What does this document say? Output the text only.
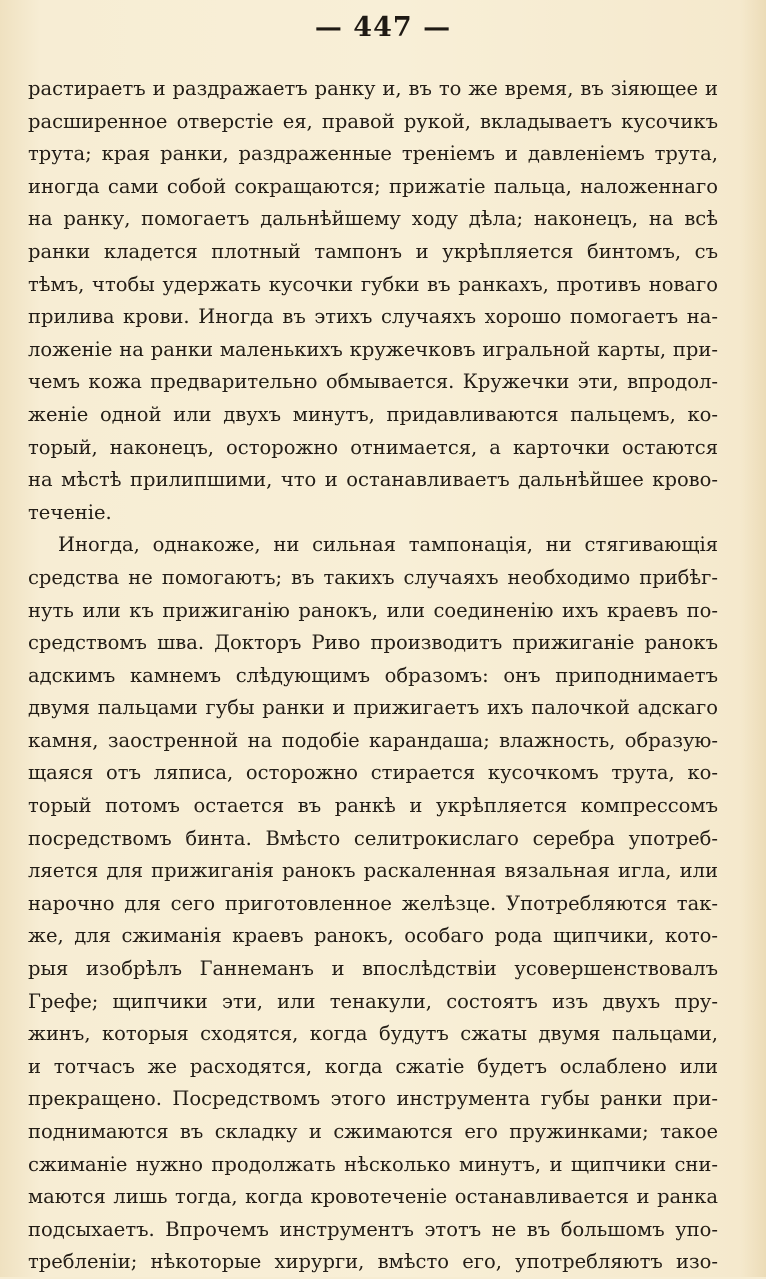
— 447 —
растираетъ и раздражаетъ ранку и, въ то же время, въ зіяющее и
расширенное отверстіе ея, правой рукой, вкладываетъ кусочикъ
трута; края ранки, раздраженные треніемъ и давленіемъ трута,
иногда сами собой сокращаются; прижатіе пальца, наложеннаго
на ранку, помогаетъ дальнѣйшему ходу дѣла; наконецъ, на всѣ
ранки кладется плотный тампонъ и укрѣпляется бинтомъ, съ
тѣмъ, чтобы удержать кусочки губки въ ранкахъ, противъ новаго
прилива крови. Иногда въ этихъ случаяхъ хорошо помогаетъ на-
ложеніе на ранки маленькихъ кружечковъ игральной карты, при-
чемъ кожа предварительно обмывается. Кружечки эти, впродол-
женіе одной или двухъ минутъ, придавливаются пальцемъ, ко-
торый, наконецъ, осторожно отнимается, а карточки остаются
на мѣстѣ прилипшими, что и останавливаетъ дальнѣйшее крово-
теченіе.
Иногда, однакоже, ни сильная тампонація, ни стягивающія
средства не помогаютъ; въ такихъ случаяхъ необходимо прибѣг-
нуть или къ прижиганію ранокъ, или соединенію ихъ краевъ по-
средствомъ шва. Докторъ Риво производитъ прижиганіе ранокъ
адскимъ камнемъ слѣдующимъ образомъ: онъ приподнимаетъ
двумя пальцами губы ранки и прижигаетъ ихъ палочкой адскаго
камня, заостренной на подобіе карандаша; влажность, образую-
щаяся отъ ляписа, осторожно стирается кусочкомъ трута, ко-
торый потомъ остается въ ранкѣ и укрѣпляется компрессомъ
посредствомъ бинта. Вмѣсто селитрокислаго серебра употреб-
ляется для прижиганія ранокъ раскаленная вязальная игла, или
нарочно для сего приготовленное желѣзце. Употребляются так-
же, для сжиманія краевъ ранокъ, особаго рода щипчики, кото-
рыя изобрѣлъ Ганнеманъ и впослѣдствіи усовершенствовалъ
Грефе; щипчики эти, или тенакули, состоятъ изъ двухъ пру-
жинъ, которыя сходятся, когда будутъ сжаты двумя пальцами,
и тотчасъ же расходятся, когда сжатіе будетъ ослаблено или
прекращено. Посредствомъ этого инструмента губы ранки при-
поднимаются въ складку и сжимаются его пружинками; такое
сжиманіе нужно продолжать нѣсколько минутъ, и щипчики сни-
маются лишь тогда, когда кровотеченіе останавливается и ранка
подсыхаетъ. Впрочемъ инструментъ этотъ не въ большомъ упо-
требленіи; нѣкоторые хирурги, вмѣсто его, употребляютъ изо-
